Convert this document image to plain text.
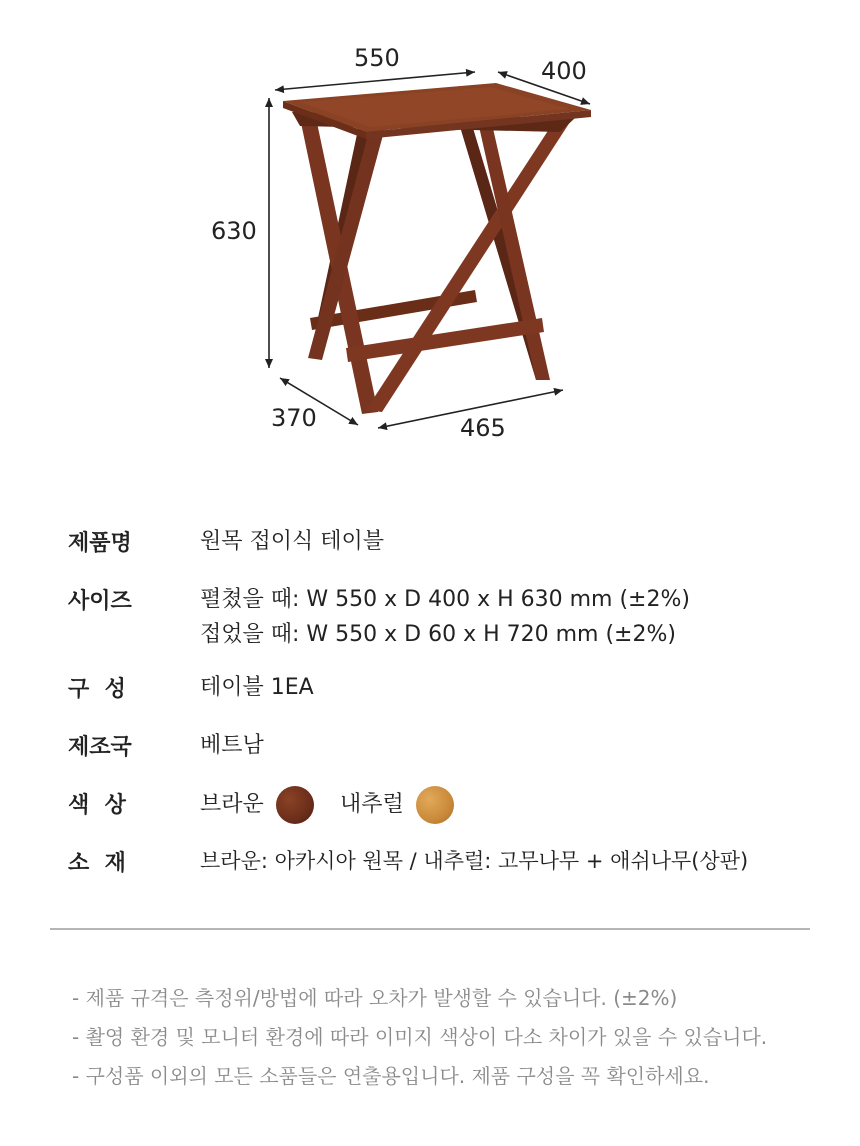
550	400
630
370	465
제품명	원목 접이식 테이블
사이즈	펼쳤을 때: W 550 x D 400 x H 630 mm (±2%)
접었을 때: W 550 x D 60 x H 720 mm (±2%)
구  성	테이블 1EA
제조국	베트남
색  상	브라운	내추럴
소  재	브라운: 아카시아 원목 / 내추럴: 고무나무 + 애쉬나무(상판)
- 제품 규격은 측정위/방법에 따라 오차가 발생할 수 있습니다. (±2%)
- 촬영 환경 및 모니터 환경에 따라 이미지 색상이 다소 차이가 있을 수 있습니다.
- 구성품 이외의 모든 소품들은 연출용입니다. 제품 구성을 꼭 확인하세요.
